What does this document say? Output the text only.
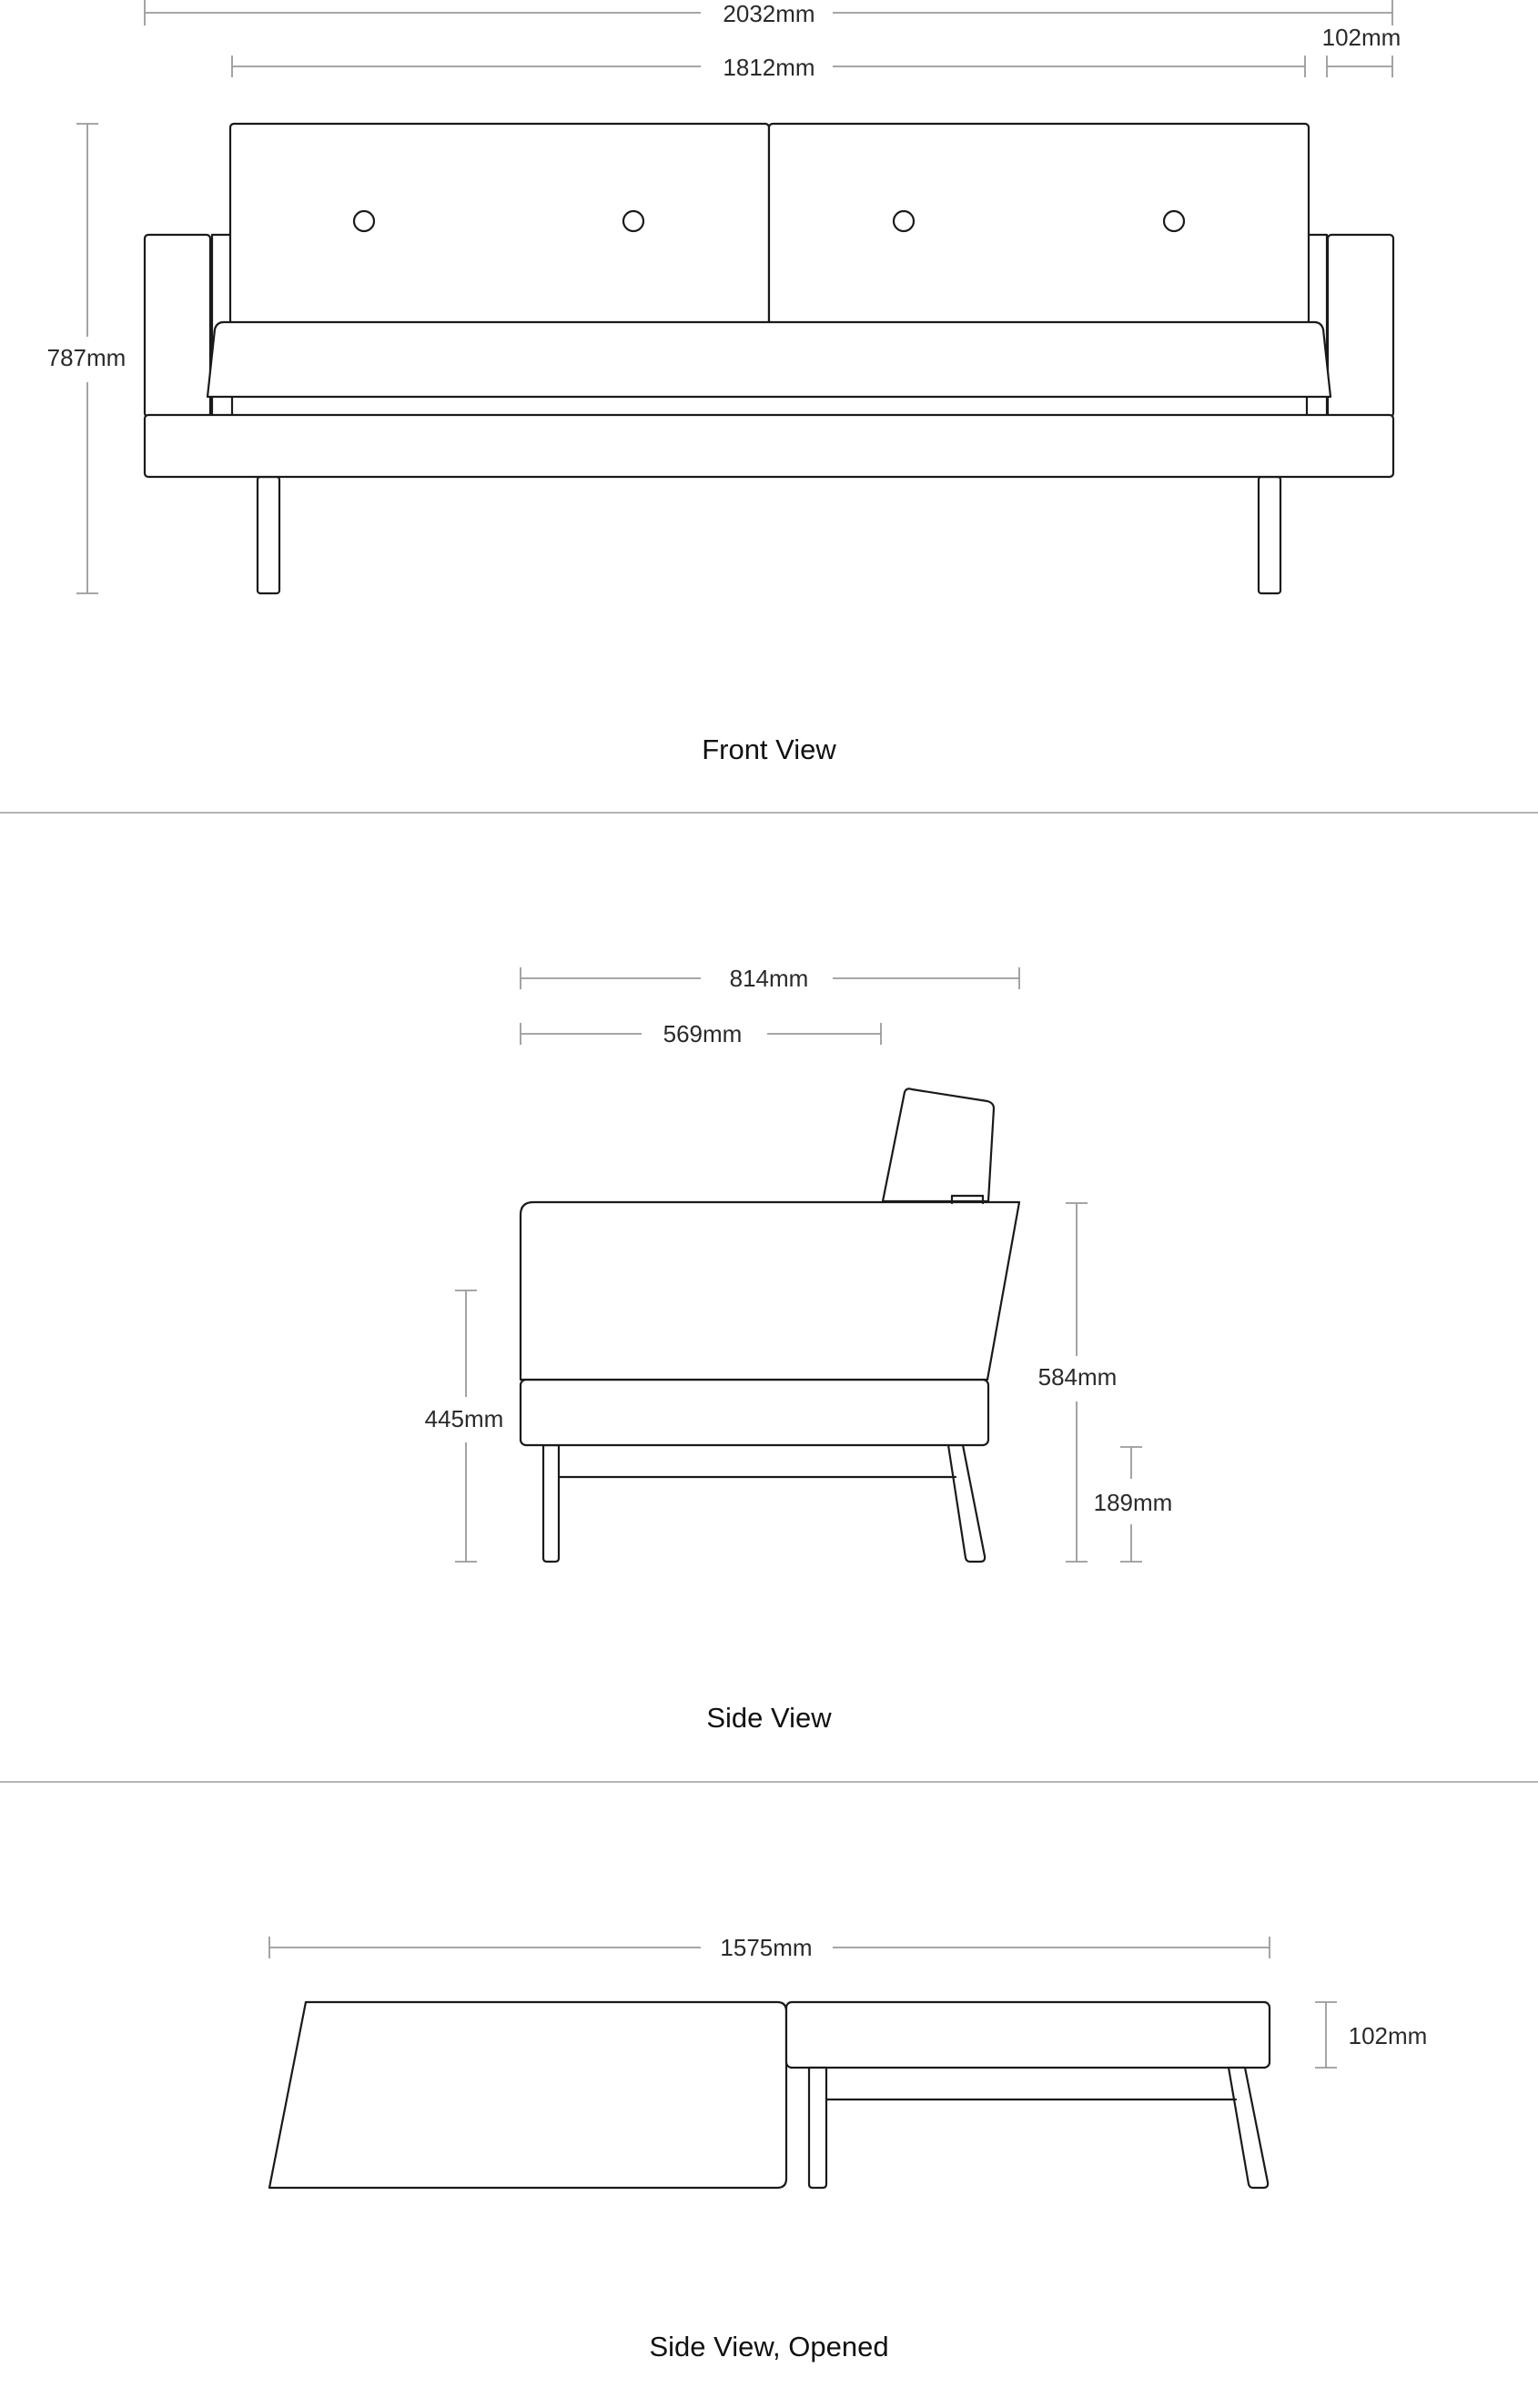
2032mm
1812mm
102mm
787mm
Front View
814mm
569mm
445mm
584mm
189mm
Side View
1575mm
102mm
Side View, Opened
